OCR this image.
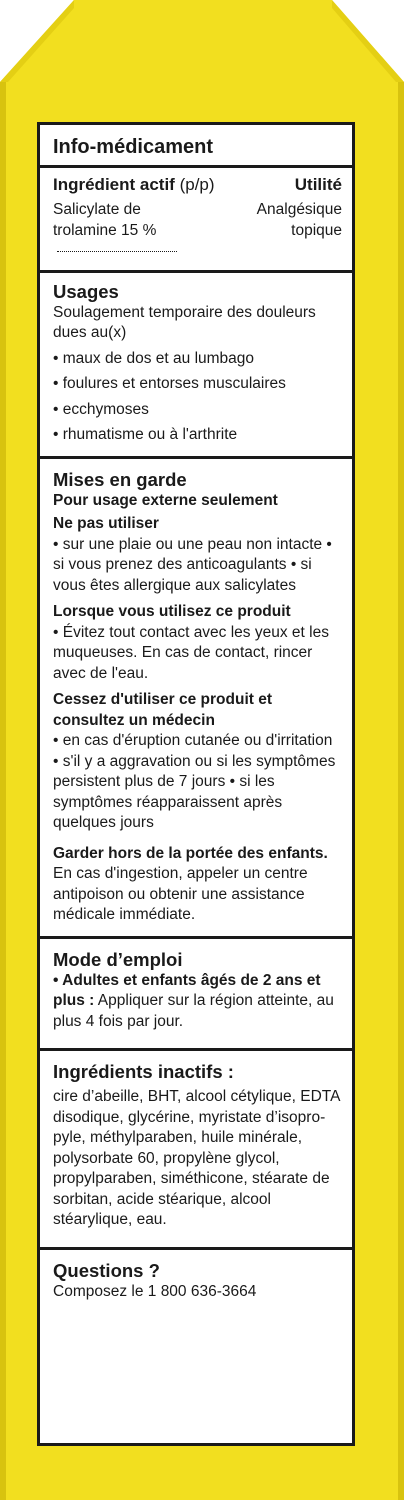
Info-médicament
Ingrédient actif (p/p)	Utilité
Salicylate de
trolamine 15 %
Analgésique
topique
Usages
Soulagement temporaire des douleurs dues au(x)
• maux de dos et au lumbago
• foulures et entorses musculaires
• ecchymoses
• rhumatisme ou à l'arthrite
Mises en garde
Pour usage externe seulement
Ne pas utiliser
• sur une plaie ou une peau non intacte • si vous prenez des anticoagulants • si vous êtes allergique aux salicylates
Lorsque vous utilisez ce produit
• Évitez tout contact avec les yeux et les muqueuses. En cas de contact, rincer avec de l'eau.
Cessez d'utiliser ce produit et consultez un médecin
• en cas d'éruption cutanée ou d'irritation • s'il y a aggravation ou si les symptômes persistent plus de 7 jours • si les symptômes réapparaissent après quelques jours
Garder hors de la portée des enfants. En cas d'ingestion, appeler un centre antipoison ou obtenir une assistance médicale immédiate.
Mode d’emploi
• Adultes et enfants âgés de 2 ans et plus : Appliquer sur la région atteinte, au plus 4 fois par jour.
Ingrédients inactifs :
cire d’abeille, BHT, alcool cétylique, EDTA disodique, glycérine, myristate d’isopro- pyle, méthylparaben, huile minérale, polysorbate 60, propylène glycol, propylparaben, siméthicone, stéarate de sorbitan, acide stéarique, alcool stéarylique, eau.
Questions ?
Composez le 1 800 636-3664
